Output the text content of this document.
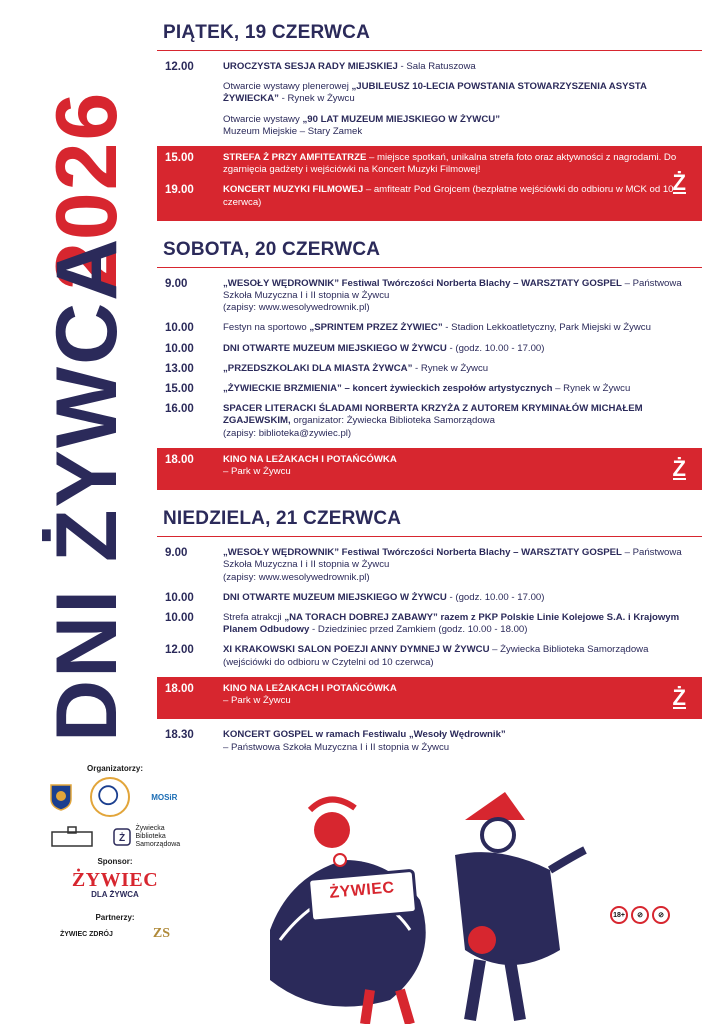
2026
DNI ŻYWCA
PIĄTEK, 19 CZERWCA
12.00	UROCZYSTA SESJA RADY MIEJSKIEJ - Sala Ratuszowa
Otwarcie wystawy plenerowej „JUBILEUSZ 10-LECIA POWSTANIA STOWARZYSZENIA ASYSTA ŻYWIECKA” - Rynek w Żywcu
Otwarcie wystawy „90 LAT MUZEUM MIEJSKIEGO W ŻYWCU”
Muzeum Miejskie – Stary Zamek
15.00	STREFA Ż PRZY AMFITEATRZE – miejsce spotkań, unikalna strefa foto oraz aktywności z nagrodami. Do zgarnięcia gadżety i wejściówki na Koncert Muzyki Filmowej!
19.00	KONCERT MUZYKI FILMOWEJ – amfiteatr Pod Grojcem (bezpłatne wejściówki do odbioru w MCK od 10 czerwca)
Ż
SOBOTA, 20 CZERWCA
9.00	„WESOŁY WĘDROWNIK” Festiwal Twórczości Norberta Blachy – WARSZTATY GOSPEL – Państwowa Szkoła Muzyczna I i II stopnia w Żywcu
(zapisy: www.wesolywedrownik.pl)
10.00	Festyn na sportowo „SPRINTEM PRZEZ ŻYWIEC” - Stadion Lekkoatletyczny, Park Miejski w Żywcu
10.00	DNI OTWARTE MUZEUM MIEJSKIEGO W ŻYWCU - (godz. 10.00 - 17.00)
13.00	„PRZEDSZKOLAKI DLA MIASTA ŻYWCA” - Rynek w Żywcu
15.00	„ŻYWIECKIE BRZMIENIA” – koncert żywieckich zespołów artystycznych – Rynek w Żywcu
16.00	SPACER LITERACKI ŚLADAMI NORBERTA KRZYŻA Z AUTOREM KRYMINAŁÓW MICHAŁEM ZGAJEWSKIM, organizator: Żywiecka Biblioteka Samorządowa
(zapisy: biblioteka@zywiec.pl)
18.00	KINO NA LEŻAKACH I POTAŃCÓWKA
– Park w Żywcu	Ż
NIEDZIELA, 21 CZERWCA
9.00	„WESOŁY WĘDROWNIK” Festiwal Twórczości Norberta Blachy – WARSZTATY GOSPEL – Państwowa Szkoła Muzyczna I i II stopnia w Żywcu
(zapisy: www.wesolywedrownik.pl)
10.00	DNI OTWARTE MUZEUM MIEJSKIEGO W ŻYWCU - (godz. 10.00 - 17.00)
10.00	Strefa atrakcji „NA TORACH DOBREJ ZABAWY” razem z PKP Polskie Linie Kolejowe S.A. i Krajowym Planem Odbudowy - Dziedziniec przed Zamkiem (godz. 10.00 - 18.00)
12.00	XI KRAKOWSKI SALON POEZJI ANNY DYMNEJ W ŻYWCU – Żywiecka Biblioteka Samorządowa (wejściówki do odbioru w Czytelni od 10 czerwca)
18.00	KINO NA LEŻAKACH I POTAŃCÓWKA
– Park w Żywcu	Ż
18.30	KONCERT GOSPEL w ramach Festiwalu „Wesoły Wędrownik”
– Państwowa Szkoła Muzyczna I i II stopnia w Żywcu
Organizatorzy:
MOSiR
Ż
Żywiecka
Biblioteka
Samorządowa
Sponsor:
ŻYWIEC
DLA ŻYWCA
Partnerzy:
ŻYWIEC ZDRÓJ	ZS
ŻYWIEC
18+	⊘	⊘
